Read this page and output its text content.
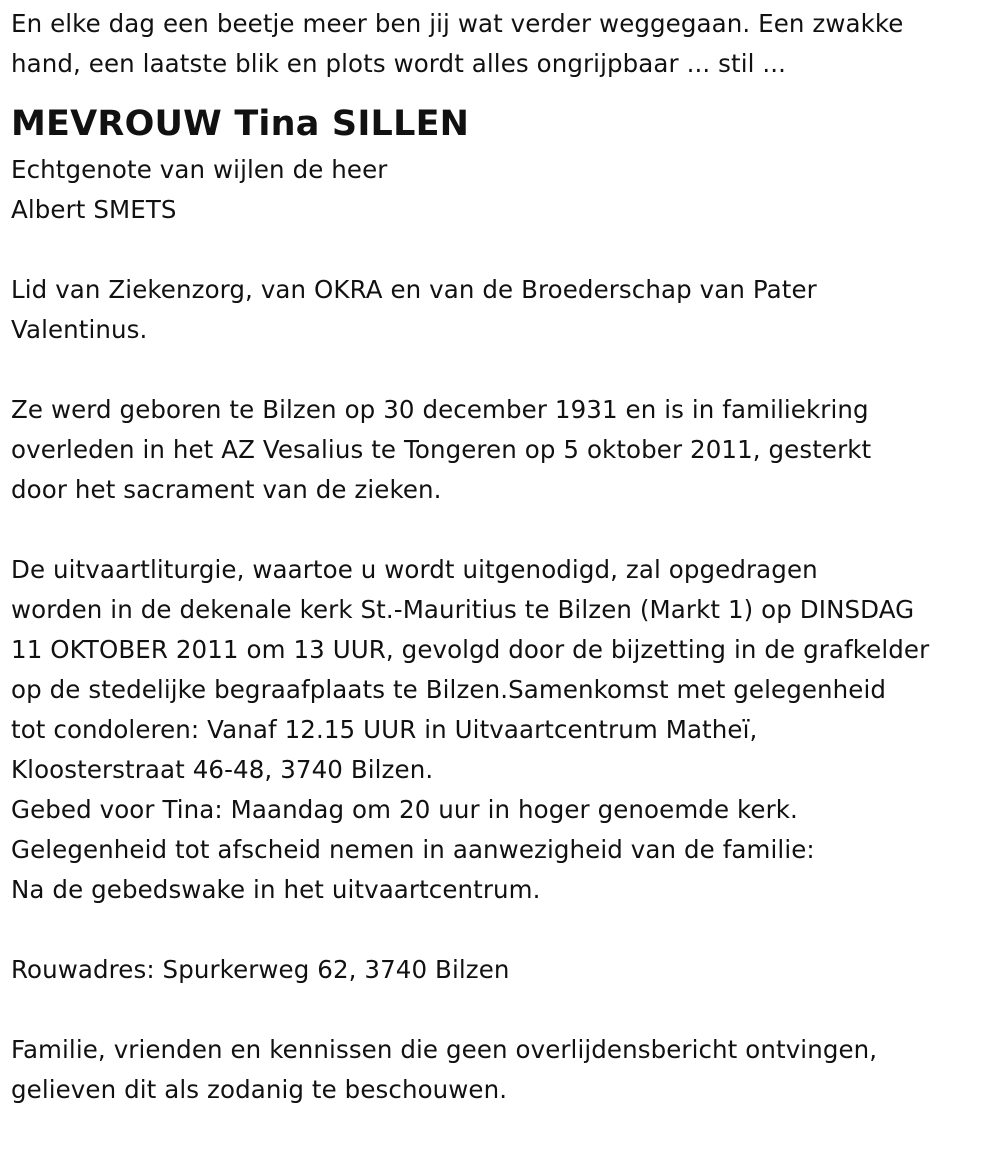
En elke dag een beetje meer ben jij wat verder weggegaan. Een zwakke
hand, een laatste blik en plots wordt alles ongrijpbaar ... stil ...
MEVROUW Tina SILLEN
Echtgenote van wijlen de heer
Albert SMETS
Lid van Ziekenzorg, van OKRA en van de Broederschap van Pater
Valentinus.
Ze werd geboren te Bilzen op 30 december 1931 en is in familiekring
overleden in het AZ Vesalius te Tongeren op 5 oktober 2011, gesterkt
door het sacrament van de zieken.
De uitvaartliturgie, waartoe u wordt uitgenodigd, zal opgedragen
worden in de dekenale kerk St.-Mauritius te Bilzen (Markt 1) op DINSDAG
11 OKTOBER 2011 om 13 UUR, gevolgd door de bijzetting in de grafkelder
op de stedelijke begraafplaats te Bilzen.Samenkomst met gelegenheid
tot condoleren: Vanaf 12.15 UUR in Uitvaartcentrum Matheï,
Kloosterstraat 46-48, 3740 Bilzen.
Gebed voor Tina: Maandag om 20 uur in hoger genoemde kerk.
Gelegenheid tot afscheid nemen in aanwezigheid van de familie:
Na de gebedswake in het uitvaartcentrum.
Rouwadres: Spurkerweg 62, 3740 Bilzen
Familie, vrienden en kennissen die geen overlijdensbericht ontvingen,
gelieven dit als zodanig te beschouwen.
